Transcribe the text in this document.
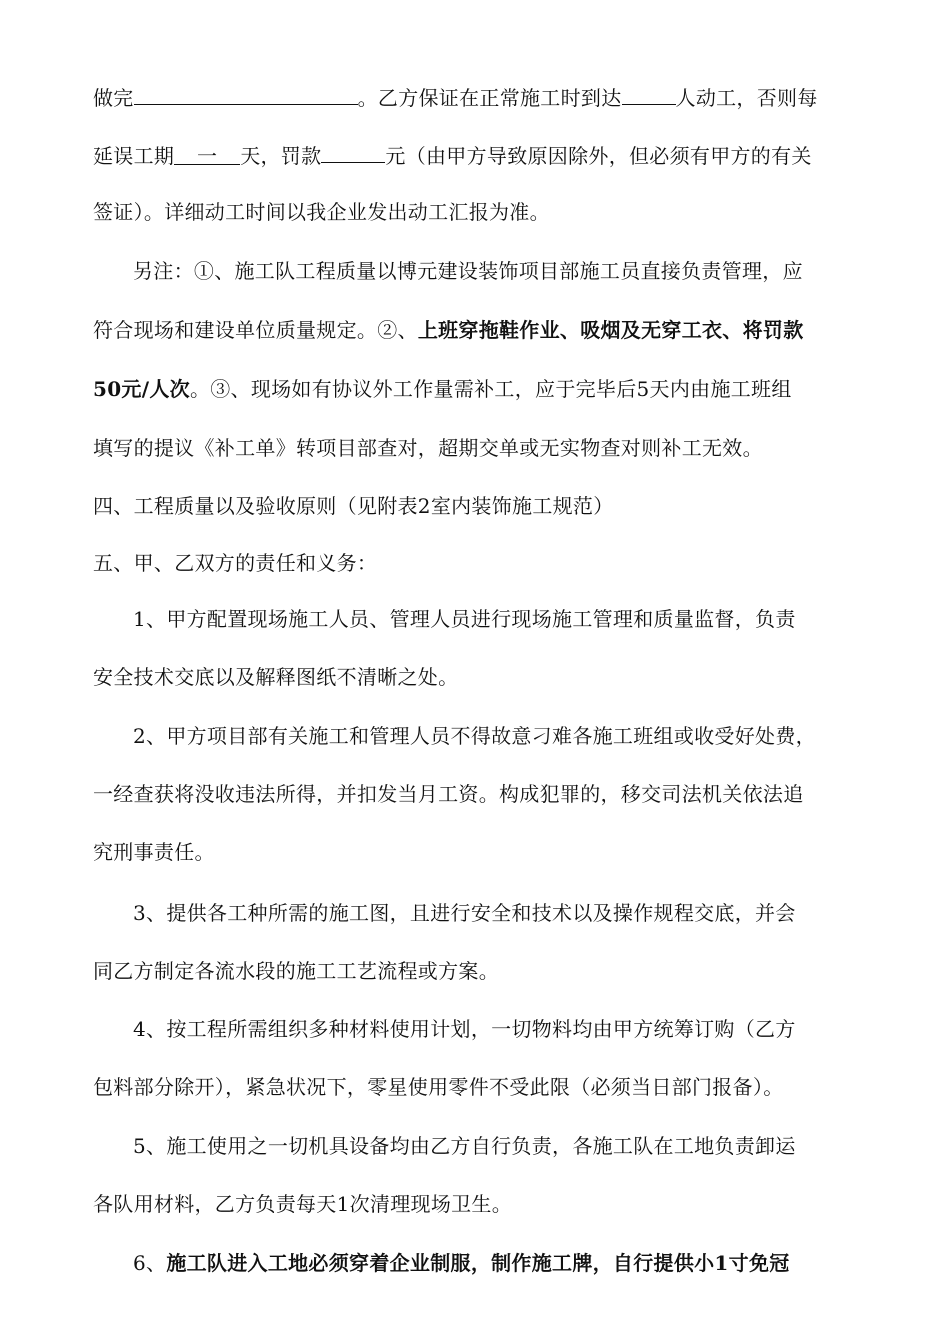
做完	。乙方保证在正常施工时到达	人动工，否则每
延误工期 一 天，罚款	元（由甲方导致原因除外，但必须有甲方的有关
签证）。详细动工时间以我企业发出动工汇报为准。
另注：①、施工队工程质量以博元建设装饰项目部施工员直接负责管理，应
符合现场和建设单位质量规定。②、上班穿拖鞋作业、吸烟及无穿工衣、将罚款
50元/人次。③、现场如有协议外工作量需补工，应于完毕后5天内由施工班组
填写的提议《补工单》转项目部查对，超期交单或无实物查对则补工无效。
四、工程质量以及验收原则（见附表2室内装饰施工规范）
五、甲、乙双方的责任和义务：
1、甲方配置现场施工人员、管理人员进行现场施工管理和质量监督，负责
安全技术交底以及解释图纸不清晰之处。
2、甲方项目部有关施工和管理人员不得故意刁难各施工班组或收受好处费，
一经查获将没收违法所得，并扣发当月工资。构成犯罪的，移交司法机关依法追
究刑事责任。
3、提供各工种所需的施工图，且进行安全和技术以及操作规程交底，并会
同乙方制定各流水段的施工工艺流程或方案。
4、按工程所需组织多种材料使用计划，一切物料均由甲方统筹订购（乙方
包料部分除开），紧急状况下，零星使用零件不受此限（必须当日部门报备）。
5、施工使用之一切机具设备均由乙方自行负责，各施工队在工地负责卸运
各队用材料，乙方负责每天1次清理现场卫生。
6、施工队进入工地必须穿着企业制服，制作施工牌，自行提供小1寸免冠
